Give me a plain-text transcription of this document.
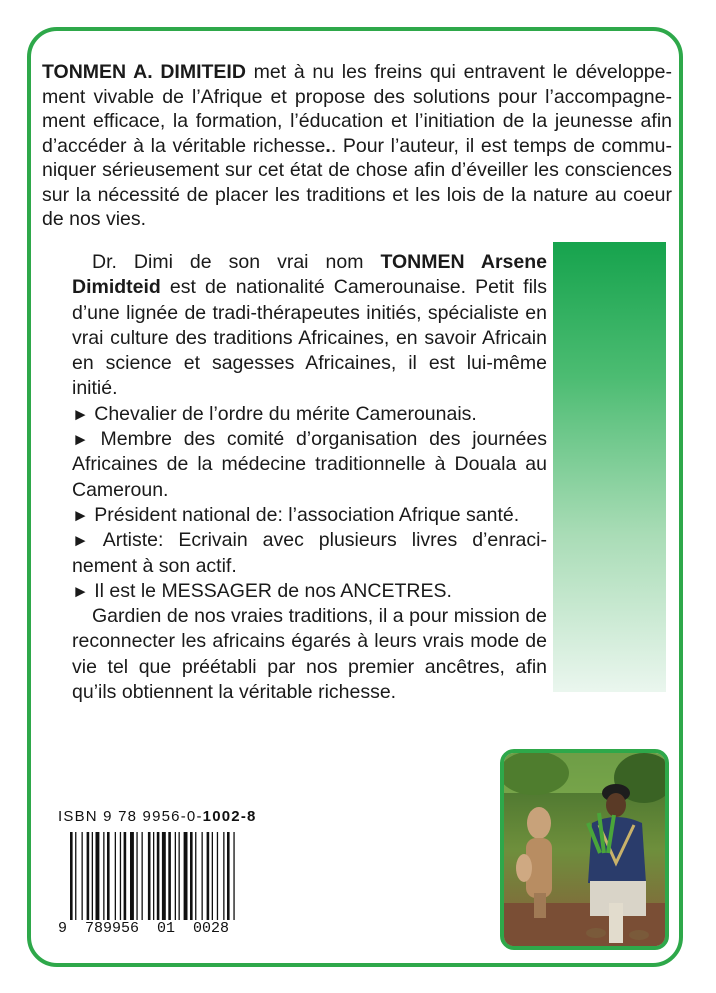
TONMEN A. DIMITEID met à nu les freins qui entravent le développement vivable de l’Afrique et propose des solutions pour l’accompagnement efficace, la formation, l’éducation et l’initiation de la jeunesse afin d’accéder à la véritable richesse.. Pour l’auteur, il est temps de communiquer sérieusement sur cet état de chose afin d’éveiller les consciences sur la nécessité de placer les traditions et les lois de la nature au coeur de nos vies.

Dr. Dimi de son vrai nom TONMEN Arsene Dimidteid est de nationalité Camerounaise. Petit fils d’une lignée de tradi-thérapeutes initiés, spécialiste en vrai culture des traditions Africaines, en savoir Africain en science et sagesses Africaines, il est lui-même initié.

► Chevalier de l’ordre du mérite Camerounais.

► Membre des comité d’organisation des journées Africaines de la médecine traditionnelle à Douala au Cameroun.

► Président national de: l’association Afrique santé.

► Artiste: Ecrivain avec plusieurs livres d’enracinement à son actif.

► Il est le MESSAGER de nos ANCETRES.

Gardien de nos vraies traditions, il a pour mission de reconnecter les africains égarés à leurs vrais mode de vie tel que préétabli par nos premier ancêtres, afin qu’ils obtiennent la véritable richesse.

ISBN 9 78 9956-0-1002-8
9  789956  01  0028
